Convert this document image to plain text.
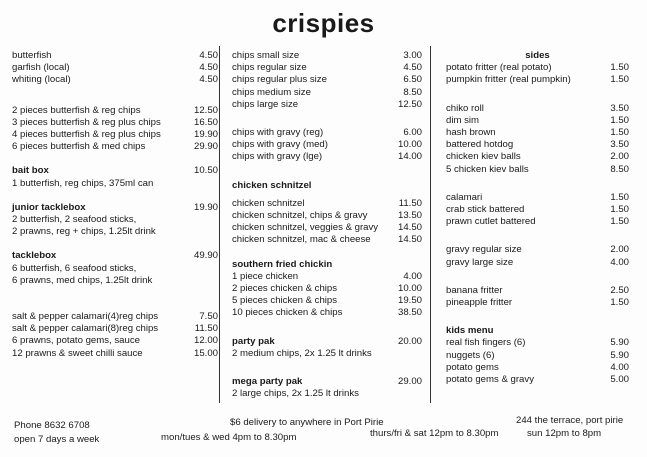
crispies
butterfish	4.50
garfish (local)	4.50
whiting (local)	4.50
2 pieces butterfish & reg chips	12.50
3 pieces butterfish & reg plus chips	16.50
4 pieces butterfish & reg plus chips	19.90
6 pieces butterfish & med chips	29.90
bait box	10.50
1 butterfish, reg chips, 375ml can
junior tacklebox	19.90
2 butterfish, 2 seafood sticks,
2 prawns, reg + chips, 1.25lt drink
tacklebox	49.90
6 butterfish, 6 seafood sticks,
6 prawns, med chips, 1.25lt drink
salt & pepper calamari(4)reg chips	7.50
salt & pepper calamari(8)reg chips	11.50
6 prawns, potato gems, sauce	12.00
12 prawns & sweet chilli sauce	15.00
chips small size	3.00
chips regular size	4.50
chips regular plus size	6.50
chips medium size	8.50
chips large size	12.50
chips with gravy (reg)	6.00
chips with gravy (med)	10.00
chips with gravy (lge)	14.00
chicken schnitzel
chicken schnitzel	11.50
chicken schnitzel, chips & gravy	13.50
chicken schnitzel, veggies & gravy 14.50
chicken schnitzel, mac & cheese	14.50
southern fried chickin
1 piece chicken	4.00
2 pieces chicken & chips	10.00
5 pieces chicken & chips	19.50
10 pieces chicken & chips	38.50
party pak	20.00
2 medium chips, 2x 1.25 lt drinks
mega party pak	29.00
2 large chips, 2x 1.25 lt drinks
sides
potato fritter (real potato)	1.50
pumpkin fritter (real pumpkin)	1.50
chiko roll	3.50
dim sim	1.50
hash brown	1.50
battered hotdog	3.50
chicken kiev balls	2.00
5 chicken kiev balls	8.50
calamari	1.50
crab stick battered	1.50
prawn cutlet battered	1.50
gravy regular size	2.00
gravy large size	4.00
banana fritter	2.50
pineapple fritter	1.50
kids menu
real fish fingers (6)	5.90
nuggets (6)	5.90
potato gems	4.00
potato gems & gravy	5.00
Phone 8632 6708
open 7 days a week
$6 delivery to anywhere in Port Pirie
mon/tues & wed 4pm to 8.30pm	thurs/fri & sat 12pm to 8.30pm
244 the terrace, port pirie
sun 12pm to 8pm
